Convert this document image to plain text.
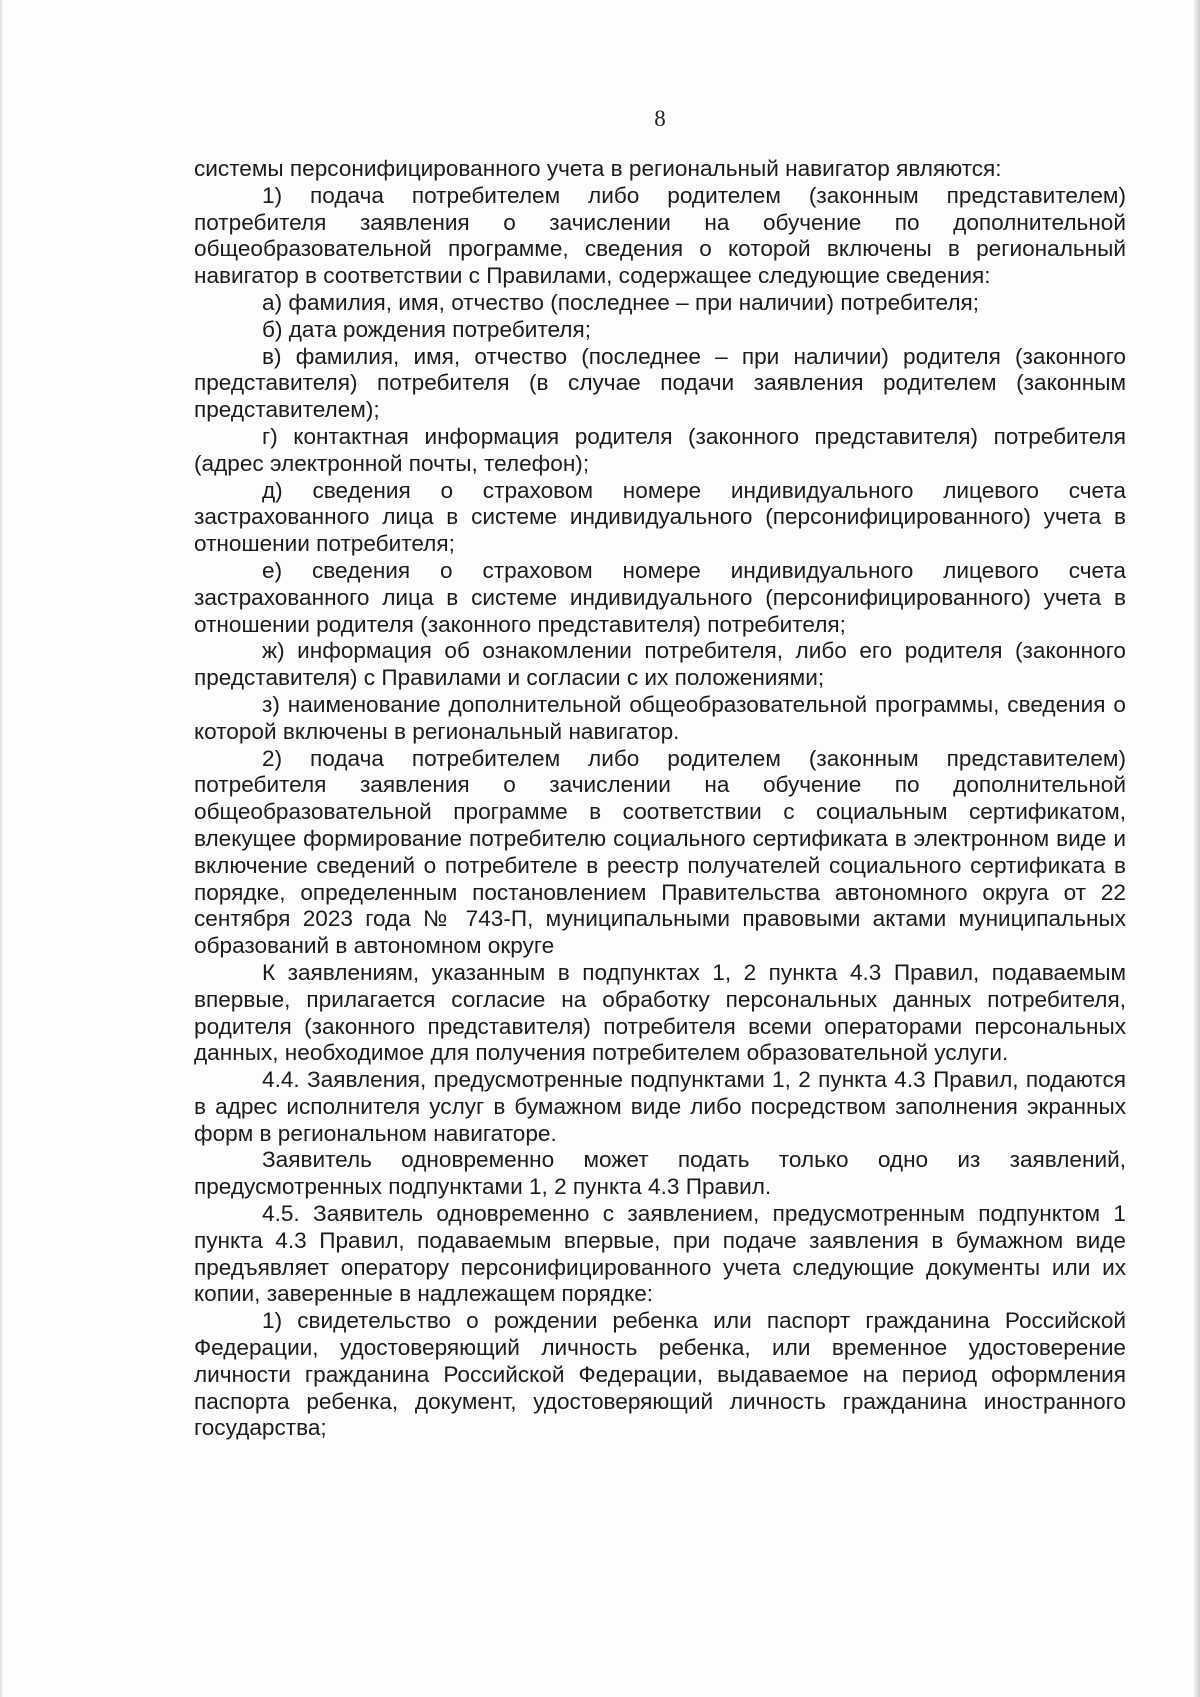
8

системы персонифицированного учета в региональный навигатор являются:

1) подача потребителем либо родителем (законным представителем) потребителя заявления о зачислении на обучение по дополнительной общеобразовательной программе, сведения о которой включены в региональный навигатор в соответствии с Правилами, содержащее следующие сведения:

а) фамилия, имя, отчество (последнее – при наличии) потребителя;

б) дата рождения потребителя;

в) фамилия, имя, отчество (последнее – при наличии) родителя (законного представителя) потребителя (в случае подачи заявления родителем (законным представителем);

г) контактная информация родителя (законного представителя) потребителя (адрес электронной почты, телефон);

д) сведения о страховом номере индивидуального лицевого счета застрахованного лица в системе индивидуального (персонифицированного) учета в отношении потребителя;

е) сведения о страховом номере индивидуального лицевого счета застрахованного лица в системе индивидуального (персонифицированного) учета в отношении родителя (законного представителя) потребителя;

ж) информация об ознакомлении потребителя, либо его родителя (законного представителя) с Правилами и согласии с их положениями;

з) наименование дополнительной общеобразовательной программы, сведения о которой включены в региональный навигатор.

2) подача потребителем либо родителем (законным представителем) потребителя заявления о зачислении на обучение по дополнительной общеобразовательной программе в соответствии с социальным сертификатом, влекущее формирование потребителю социального сертификата в электронном виде и включение сведений о потребителе в реестр получателей социального сертификата в порядке, определенным постановлением Правительства автономного округа от 22 сентября 2023 года № 743-П, муниципальными правовыми актами муниципальных образований в автономном округе

К заявлениям, указанным в подпунктах 1, 2 пункта 4.3 Правил, подаваемым впервые, прилагается согласие на обработку персональных данных потребителя, родителя (законного представителя) потребителя всеми операторами персональных данных, необходимое для получения потребителем образовательной услуги.

4.4. Заявления, предусмотренные подпунктами 1, 2 пункта 4.3 Правил, подаются в адрес исполнителя услуг в бумажном виде либо посредством заполнения экранных форм в региональном навигаторе.

Заявитель одновременно может подать только одно из заявлений, предусмотренных подпунктами 1, 2 пункта 4.3 Правил.

4.5. Заявитель одновременно с заявлением, предусмотренным подпунктом 1 пункта 4.3 Правил, подаваемым впервые, при подаче заявления в бумажном виде предъявляет оператору персонифицированного учета следующие документы или их копии, заверенные в надлежащем порядке:

1) свидетельство о рождении ребенка или паспорт гражданина Российской Федерации, удостоверяющий личность ребенка, или временное удостоверение личности гражданина Российской Федерации, выдаваемое на период оформления паспорта ребенка, документ, удостоверяющий личность гражданина иностранного государства;
